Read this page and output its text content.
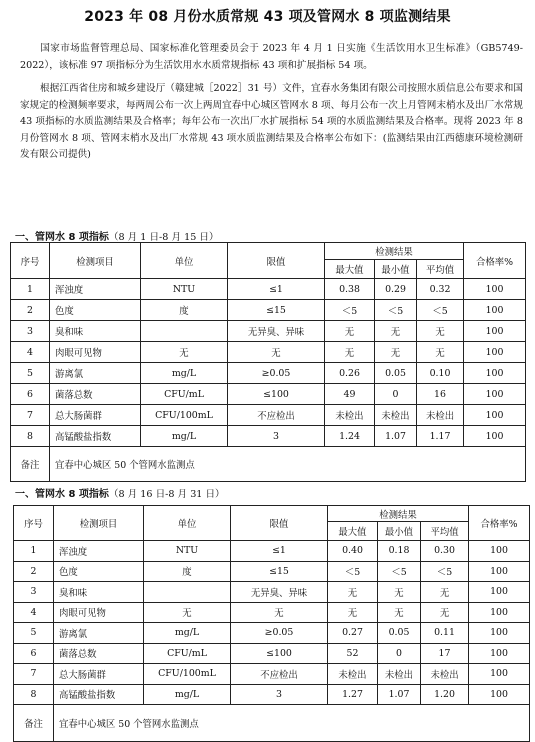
2023 年 08 月份水质常规 43 项及管网水 8 项监测结果
国家市场监督管理总局、国家标准化管理委员会于 2023 年 4 月 1 日实施《生活饮用水卫生标准》（GB5749-2022），该标准 97 项指标分为生活饮用水水质常规指标 43 项和扩展指标 54 项。
根据江西省住房和城乡建设厅（赣建城［2022］31 号）文件，宜春水务集团有限公司按照水质信息公布要求和国家规定的检测频率要求，每两周公布一次上两周宜春中心城区管网水 8 项、每月公布一次上月管网末梢水及出厂水常规 43 项指标的水质监测结果及合格率；每年公布一次出厂水扩展指标 54 项的水质监测结果及合格率。现将 2023 年 8 月份管网水 8 项、管网末梢水及出厂水常规 43 项水质监测结果及合格率公布如下：(监测结果由江西德康环境检测研发有限公司提供)
一、管网水 8 项指标（8 月 1 日-8 月 15 日）
序号	检测项目	单位	限值	检测结果			合格率%
				最大值	最小值	平均值	
1	浑浊度	NTU	≤1	0.38	0.29	0.32	100
2	色度	度	≤15	＜5	＜5	＜5	100
3	臭和味		无异臭、异味	无	无	无	100
4	肉眼可见物	无	无	无	无	无	100
5	游离氯	mg/L	≥0.05	0.26	0.05	0.10	100
6	菌落总数	CFU/mL	≤100	49	0	16	100
7	总大肠菌群	CFU/100mL	不应检出	未检出	未检出	未检出	100
8	高锰酸盐指数	mg/L	3	1.24	1.07	1.17	100
备注	宜春中心城区 50 个管网水监测点						
一、管网水 8 项指标（8 月 16 日-8 月 31 日）
序号	检测项目	单位	限值	检测结果			合格率%
				最大值	最小值	平均值	
1	浑浊度	NTU	≤1	0.40	0.18	0.30	100
2	色度	度	≤15	＜5	＜5	＜5	100
3	臭和味		无异臭、异味	无	无	无	100
4	肉眼可见物	无	无	无	无	无	100
5	游离氯	mg/L	≥0.05	0.27	0.05	0.11	100
6	菌落总数	CFU/mL	≤100	52	0	17	100
7	总大肠菌群	CFU/100mL	不应检出	未检出	未检出	未检出	100
8	高锰酸盐指数	mg/L	3	1.27	1.07	1.20	100
备注	宜春中心城区 50 个管网水监测点						
